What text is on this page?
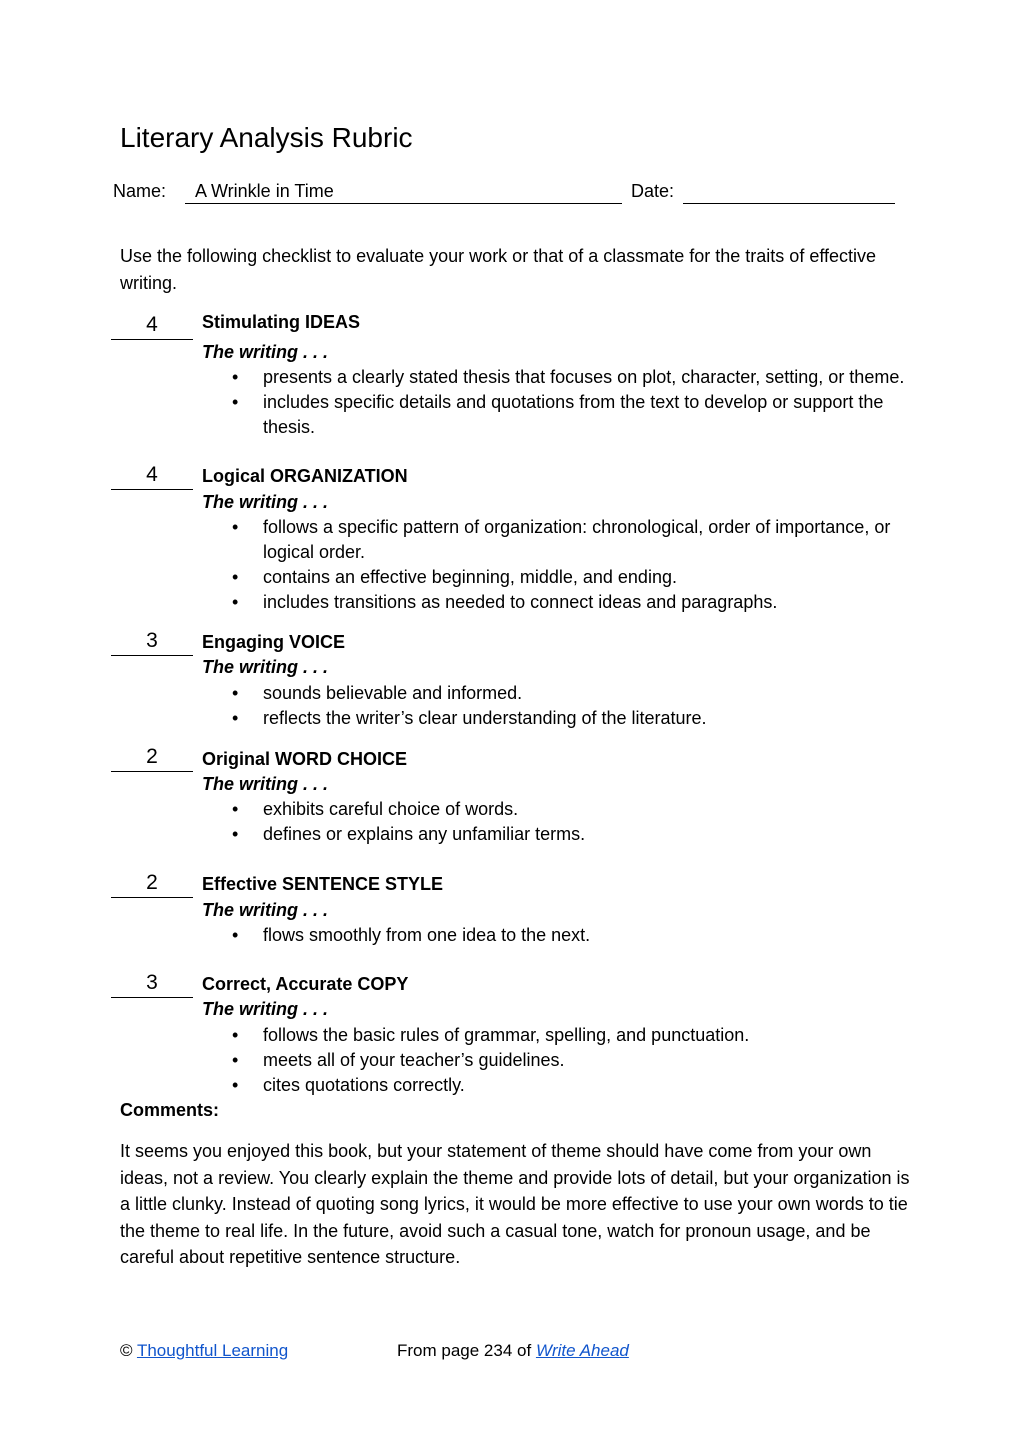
Literary Analysis Rubric
Name:	A Wrinkle in Time	Date:
Use the following checklist to evaluate your work or that of a classmate for the traits of effective writing.
4	Stimulating IDEAS
The writing . . .
• presents a clearly stated thesis that focuses on plot, character, setting, or theme.
• includes specific details and quotations from the text to develop or support the thesis.
4	Logical ORGANIZATION
The writing . . .
• follows a specific pattern of organization: chronological, order of importance, or logical order.
• contains an effective beginning, middle, and ending.
• includes transitions as needed to connect ideas and paragraphs.
3	Engaging VOICE
The writing . . .
• sounds believable and informed.
• reflects the writer’s clear understanding of the literature.
2	Original WORD CHOICE
The writing . . .
• exhibits careful choice of words.
• defines or explains any unfamiliar terms.
2	Effective SENTENCE STYLE
The writing . . .
• flows smoothly from one idea to the next.
3	Correct, Accurate COPY
The writing . . .
• follows the basic rules of grammar, spelling, and punctuation.
• meets all of your teacher’s guidelines.
• cites quotations correctly.
Comments:
It seems you enjoyed this book, but your statement of theme should have come from your own ideas, not a review. You clearly explain the theme and provide lots of detail, but your organization is a little clunky. Instead of quoting song lyrics, it would be more effective to use your own words to tie the theme to real life. In the future, avoid such a casual tone, watch for pronoun usage, and be careful about repetitive sentence structure.
© Thoughtful Learning	From page 234 of Write Ahead
